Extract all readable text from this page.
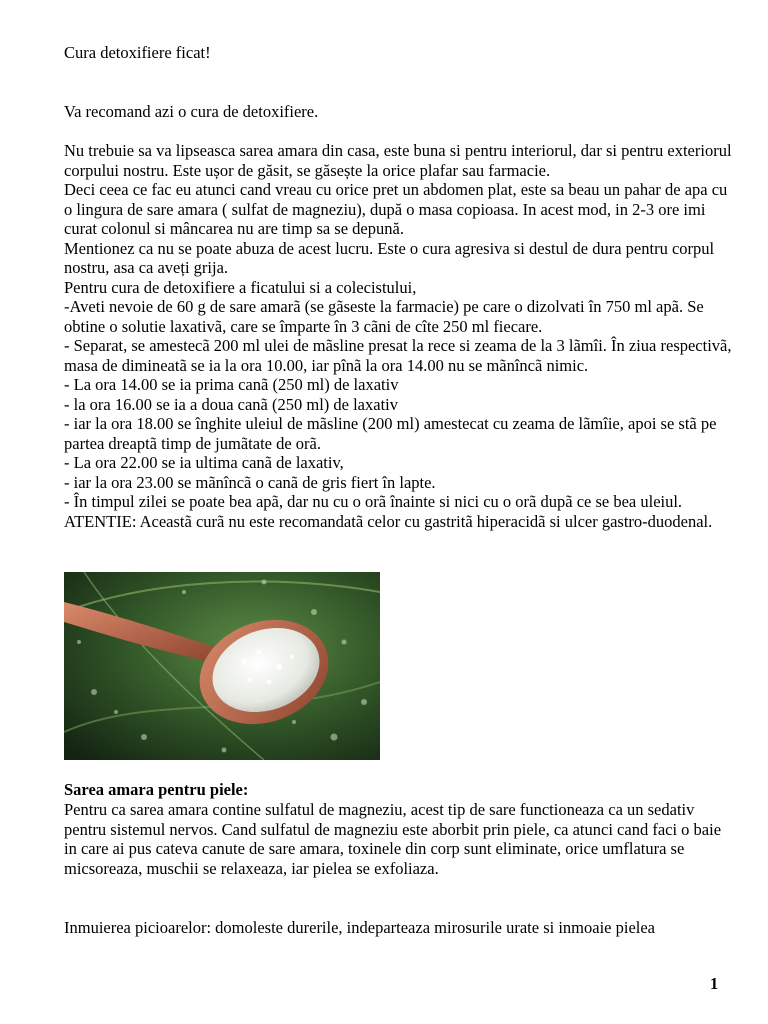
Cura detoxifiere ficat!
Va recomand azi o cura de detoxifiere.

Nu trebuie sa va lipseasca sarea amara din casa, este buna si pentru interiorul, dar si pentru exteriorul corpului nostru. Este ușor de găsit, se găsește la orice plafar sau farmacie.

Deci ceea ce fac eu atunci cand vreau cu orice pret un abdomen plat, este sa beau un pahar de apa cu o lingura de sare amara ( sulfat de magneziu), după o masa copioasa. In acest mod, in 2-3 ore imi curat colonul si mâncarea nu are timp sa se depună.

Mentionez ca nu se poate abuza de acest lucru. Este o cura agresiva si destul de dura pentru corpul nostru, asa ca aveți grija.

Pentru cura de detoxifiere a ficatului si a colecistului,

-Aveti nevoie de 60 g de sare amarã (se gãseste la farmacie) pe care o dizolvati în 750 ml apã. Se obtine o solutie laxativã, care se împarte în 3 cãni de cîte 250 ml fiecare.

- Separat, se amestecã 200 ml ulei de mãsline presat la rece si zeama de la 3 lãmîi. În ziua respectivã, masa de dimineatã se ia la ora 10.00, iar pînã la ora 14.00 nu se mãnîncã nimic.

- La ora 14.00 se ia prima canã (250 ml) de laxativ

- la ora 16.00 se ia a doua canã (250 ml) de laxativ

- iar la ora 18.00 se înghite uleiul de mãsline (200 ml) amestecat cu zeama de lãmîie, apoi se stã pe partea dreaptã timp de jumãtate de orã.

- La ora 22.00 se ia ultima canã de laxativ,

- iar la ora 23.00 se mãnîncã o canã de gris fiert în lapte.

- În timpul zilei se poate bea apã, dar nu cu o orã înainte si nici cu o orã dupã ce se bea uleiul.

ATENTIE: Aceastã curã nu este recomandatã celor cu gastritã hiperacidã si ulcer gastro-duodenal.

Sarea amara pentru piele:
Pentru ca sarea amara contine sulfatul de magneziu, acest tip de sare functioneaza ca un sedativ pentru sistemul nervos. Cand sulfatul de magneziu este aborbit prin piele, ca atunci cand faci o baie in care ai pus cateva canute de sare amara, toxinele din corp sunt eliminate, orice umflatura se micsoreaza, muschii se relaxeaza, iar pielea se exfoliaza.
Inmuierea picioarelor: domoleste durerile, indeparteaza mirosurile urate si inmoaie pielea
1
